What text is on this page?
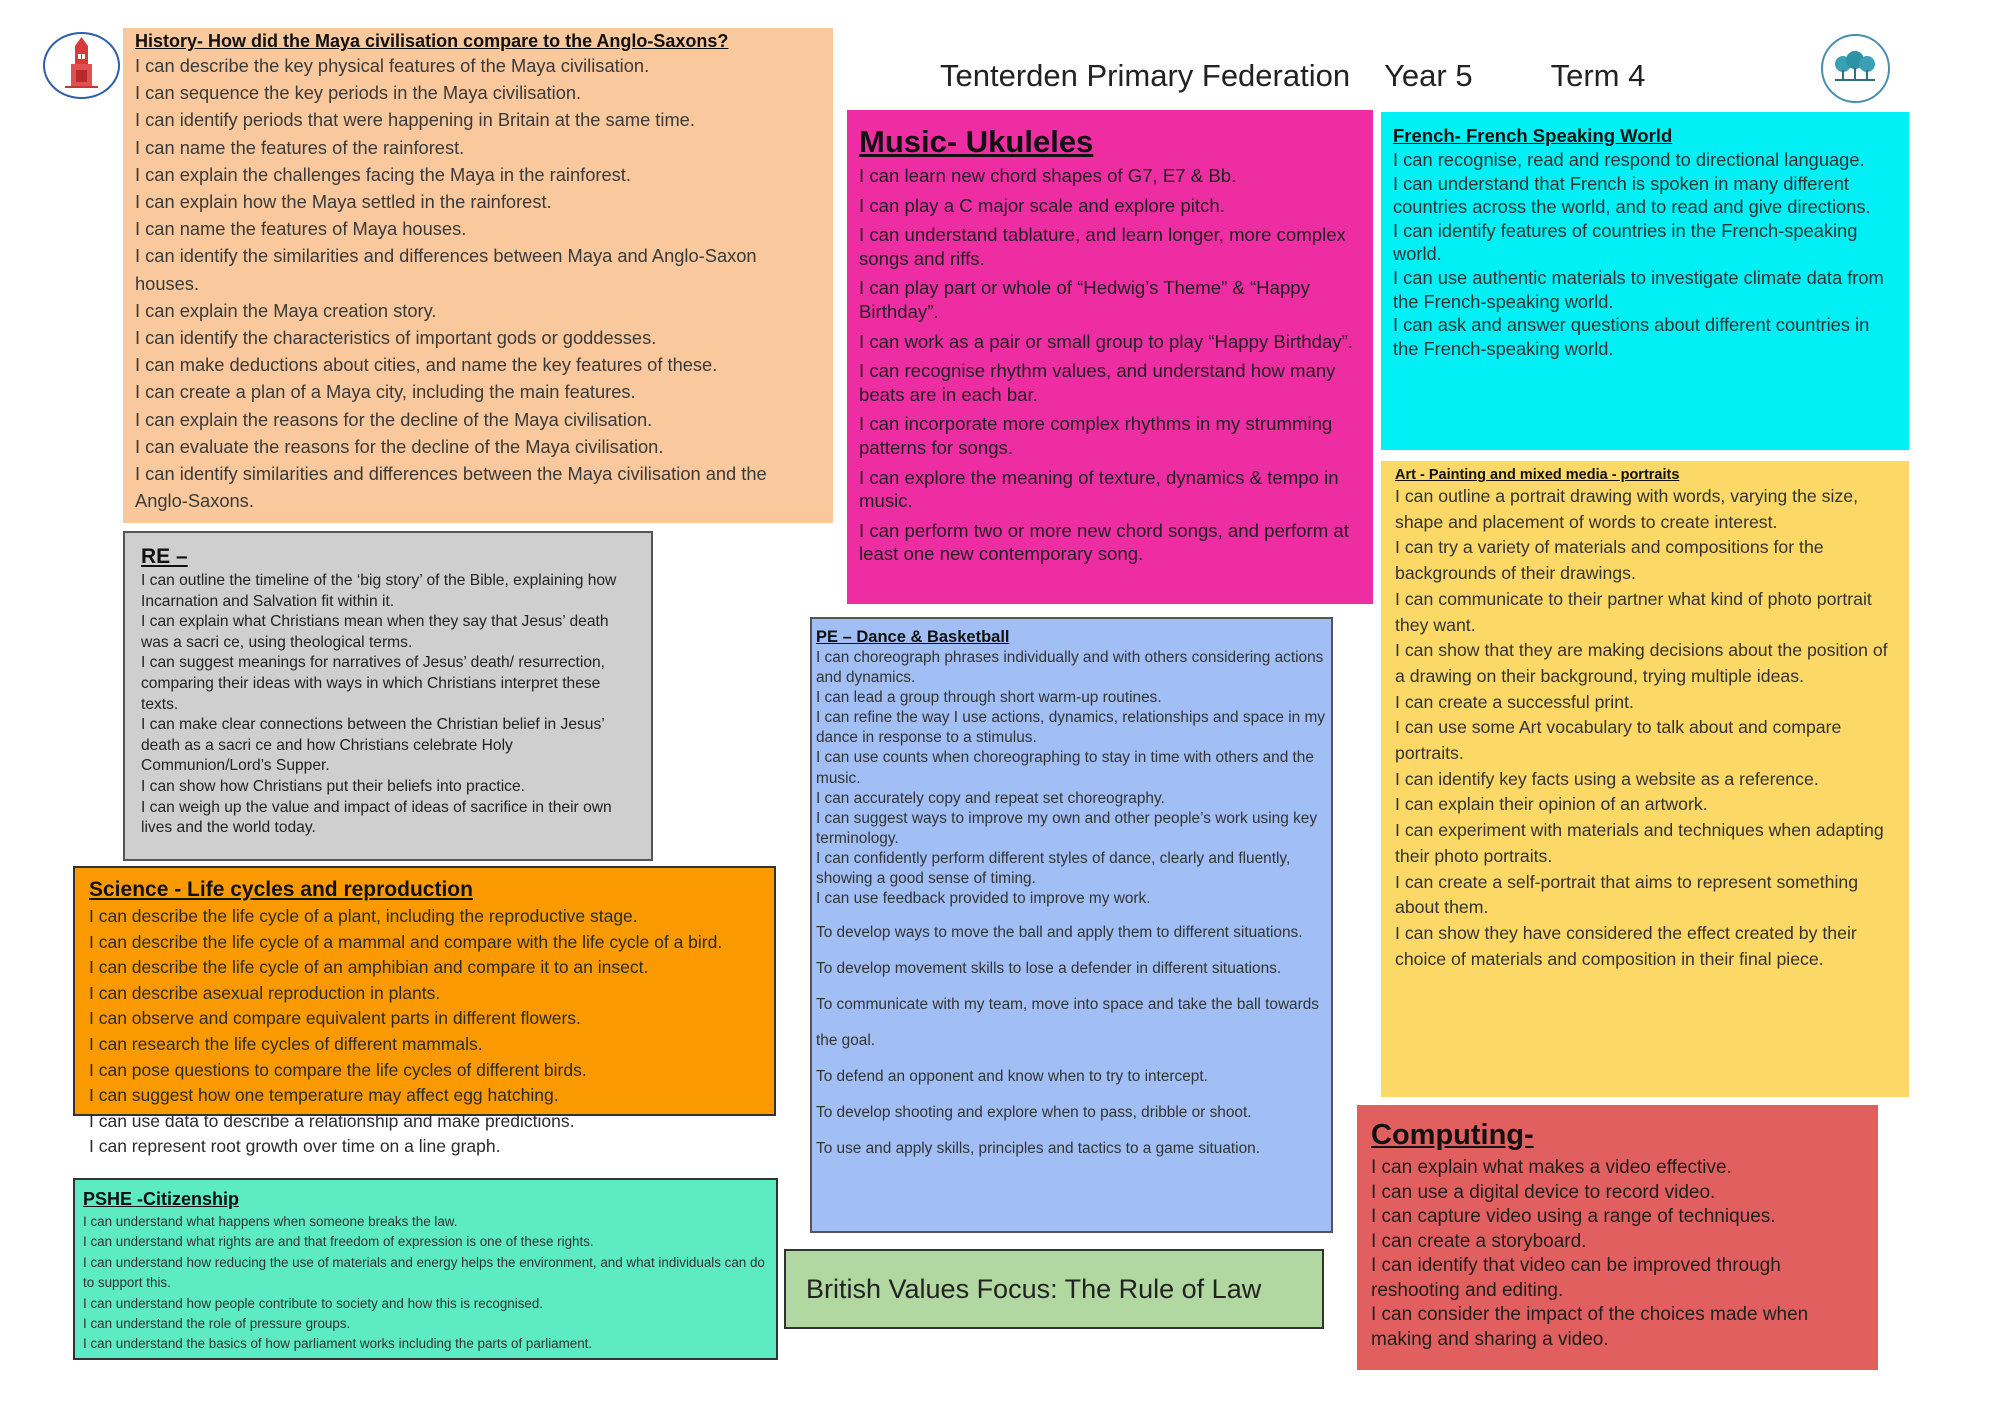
Tenterden Primary Federation Year 5	Term 4
History- How did the Maya civilisation compare to the Anglo-Saxons?
I can describe the key physical features of the Maya civilisation.
I can sequence the key periods in the Maya civilisation.
I can identify periods that were happening in Britain at the same time.
I can name the features of the rainforest.
I can explain the challenges facing the Maya in the rainforest.
I can explain how the Maya settled in the rainforest.
I can name the features of Maya houses.
I can identify the similarities and differences between Maya and Anglo-Saxon houses.
I can explain the Maya creation story.
I can identify the characteristics of important gods or goddesses.
I can make deductions about cities, and name the key features of these.
I can create a plan of a Maya city, including the main features.
I can explain the reasons for the decline of the Maya civilisation.
I can evaluate the reasons for the decline of the Maya civilisation.
I can identify similarities and differences between the Maya civilisation and the Anglo-Saxons.
RE –
I can outline the timeline of the ‘big story’ of the Bible, explaining how Incarnation and Salvation fit within it.
I can explain what Christians mean when they say that Jesus’ death was a sacri ce, using theological terms.
I can suggest meanings for narratives of Jesus’ death/ resurrection, comparing their ideas with ways in which Christians interpret these texts.
I can make clear connections between the Christian belief in Jesus’ death as a sacri ce and how Christians celebrate Holy Communion/Lord’s Supper.
I can show how Christians put their beliefs into practice.
I can weigh up the value and impact of ideas of sacrifice in their own lives and the world today.
Science - Life cycles and reproduction
I can describe the life cycle of a plant, including the reproductive stage.
I can describe the life cycle of a mammal and compare with the life cycle of a bird.
I can describe the life cycle of an amphibian and compare it to an insect.
I can describe asexual reproduction in plants.
I can observe and compare equivalent parts in different flowers.
I can research the life cycles of different mammals.
I can pose questions to compare the life cycles of different birds.
I can suggest how one temperature may affect egg hatching.
I can use data to describe a relationship and make predictions.
I can represent root growth over time on a line graph.
PSHE -Citizenship
I can understand what happens when someone breaks the law.
I can understand what rights are and that freedom of expression is one of these rights.
I can understand how reducing the use of materials and energy helps the environment, and what individuals can do to support this.
I can understand how people contribute to society and how this is recognised.
I can understand the role of pressure groups.
I can understand the basics of how parliament works including the parts of parliament.
Music- Ukuleles
I can learn new chord shapes of G7, E7 & Bb.
I can play a C major scale and explore pitch.
I can understand tablature, and learn longer, more complex songs and riffs.
I can play part or whole of “Hedwig’s Theme” & “Happy Birthday”.
I can work as a pair or small group to play “Happy Birthday”.
I can recognise rhythm values, and understand how many beats are in each bar.
I can incorporate more complex rhythms in my strumming patterns for songs.
I can explore the meaning of texture, dynamics & tempo in music.
I can perform two or more new chord songs, and perform at least one new contemporary song.
French- French Speaking World
I can recognise, read and respond to directional language.
I can understand that French is spoken in many different countries across the world, and to read and give directions.
I can identify features of countries in the French-speaking world.
I can use authentic materials to investigate climate data from the French-speaking world.
I can ask and answer questions about different countries in the French-speaking world.
Art - Painting and mixed media - portraits
I can outline a portrait drawing with words, varying the size, shape and placement of words to create interest.
I can try a variety of materials and compositions for the backgrounds of their drawings.
I can communicate to their partner what kind of photo portrait they want.
I can show that they are making decisions about the position of a drawing on their background, trying multiple ideas.
I can create a successful print.
I can use some Art vocabulary to talk about and compare portraits.
I can identify key facts using a website as a reference.
I can explain their opinion of an artwork.
I can experiment with materials and techniques when adapting their photo portraits.
I can create a self-portrait that aims to represent something about them.
I can show they have considered the effect created by their choice of materials and composition in their final piece.
PE – Dance & Basketball
I can choreograph phrases individually and with others considering actions and dynamics.
I can lead a group through short warm-up routines.
I can refine the way I use actions, dynamics, relationships and space in my dance in response to a stimulus.
I can use counts when choreographing to stay in time with others and the music.
I can accurately copy and repeat set choreography.
I can suggest ways to improve my own and other people’s work using key terminology.
I can confidently perform different styles of dance, clearly and fluently, showing a good sense of timing.
I can use feedback provided to improve my work.
To develop ways to move the ball and apply them to different situations.
To develop movement skills to lose a defender in different situations.
To communicate with my team, move into space and take the ball towards the goal.
To defend an opponent and know when to try to intercept.
To develop shooting and explore when to pass, dribble or shoot.
To use and apply skills, principles and tactics to a game situation.
British Values Focus: The Rule of Law
Computing-
I can explain what makes a video effective.
I can use a digital device to record video.
I can capture video using a range of techniques.
I can create a storyboard.
I can identify that video can be improved through reshooting and editing.
I can consider the impact of the choices made when making and sharing a video.
